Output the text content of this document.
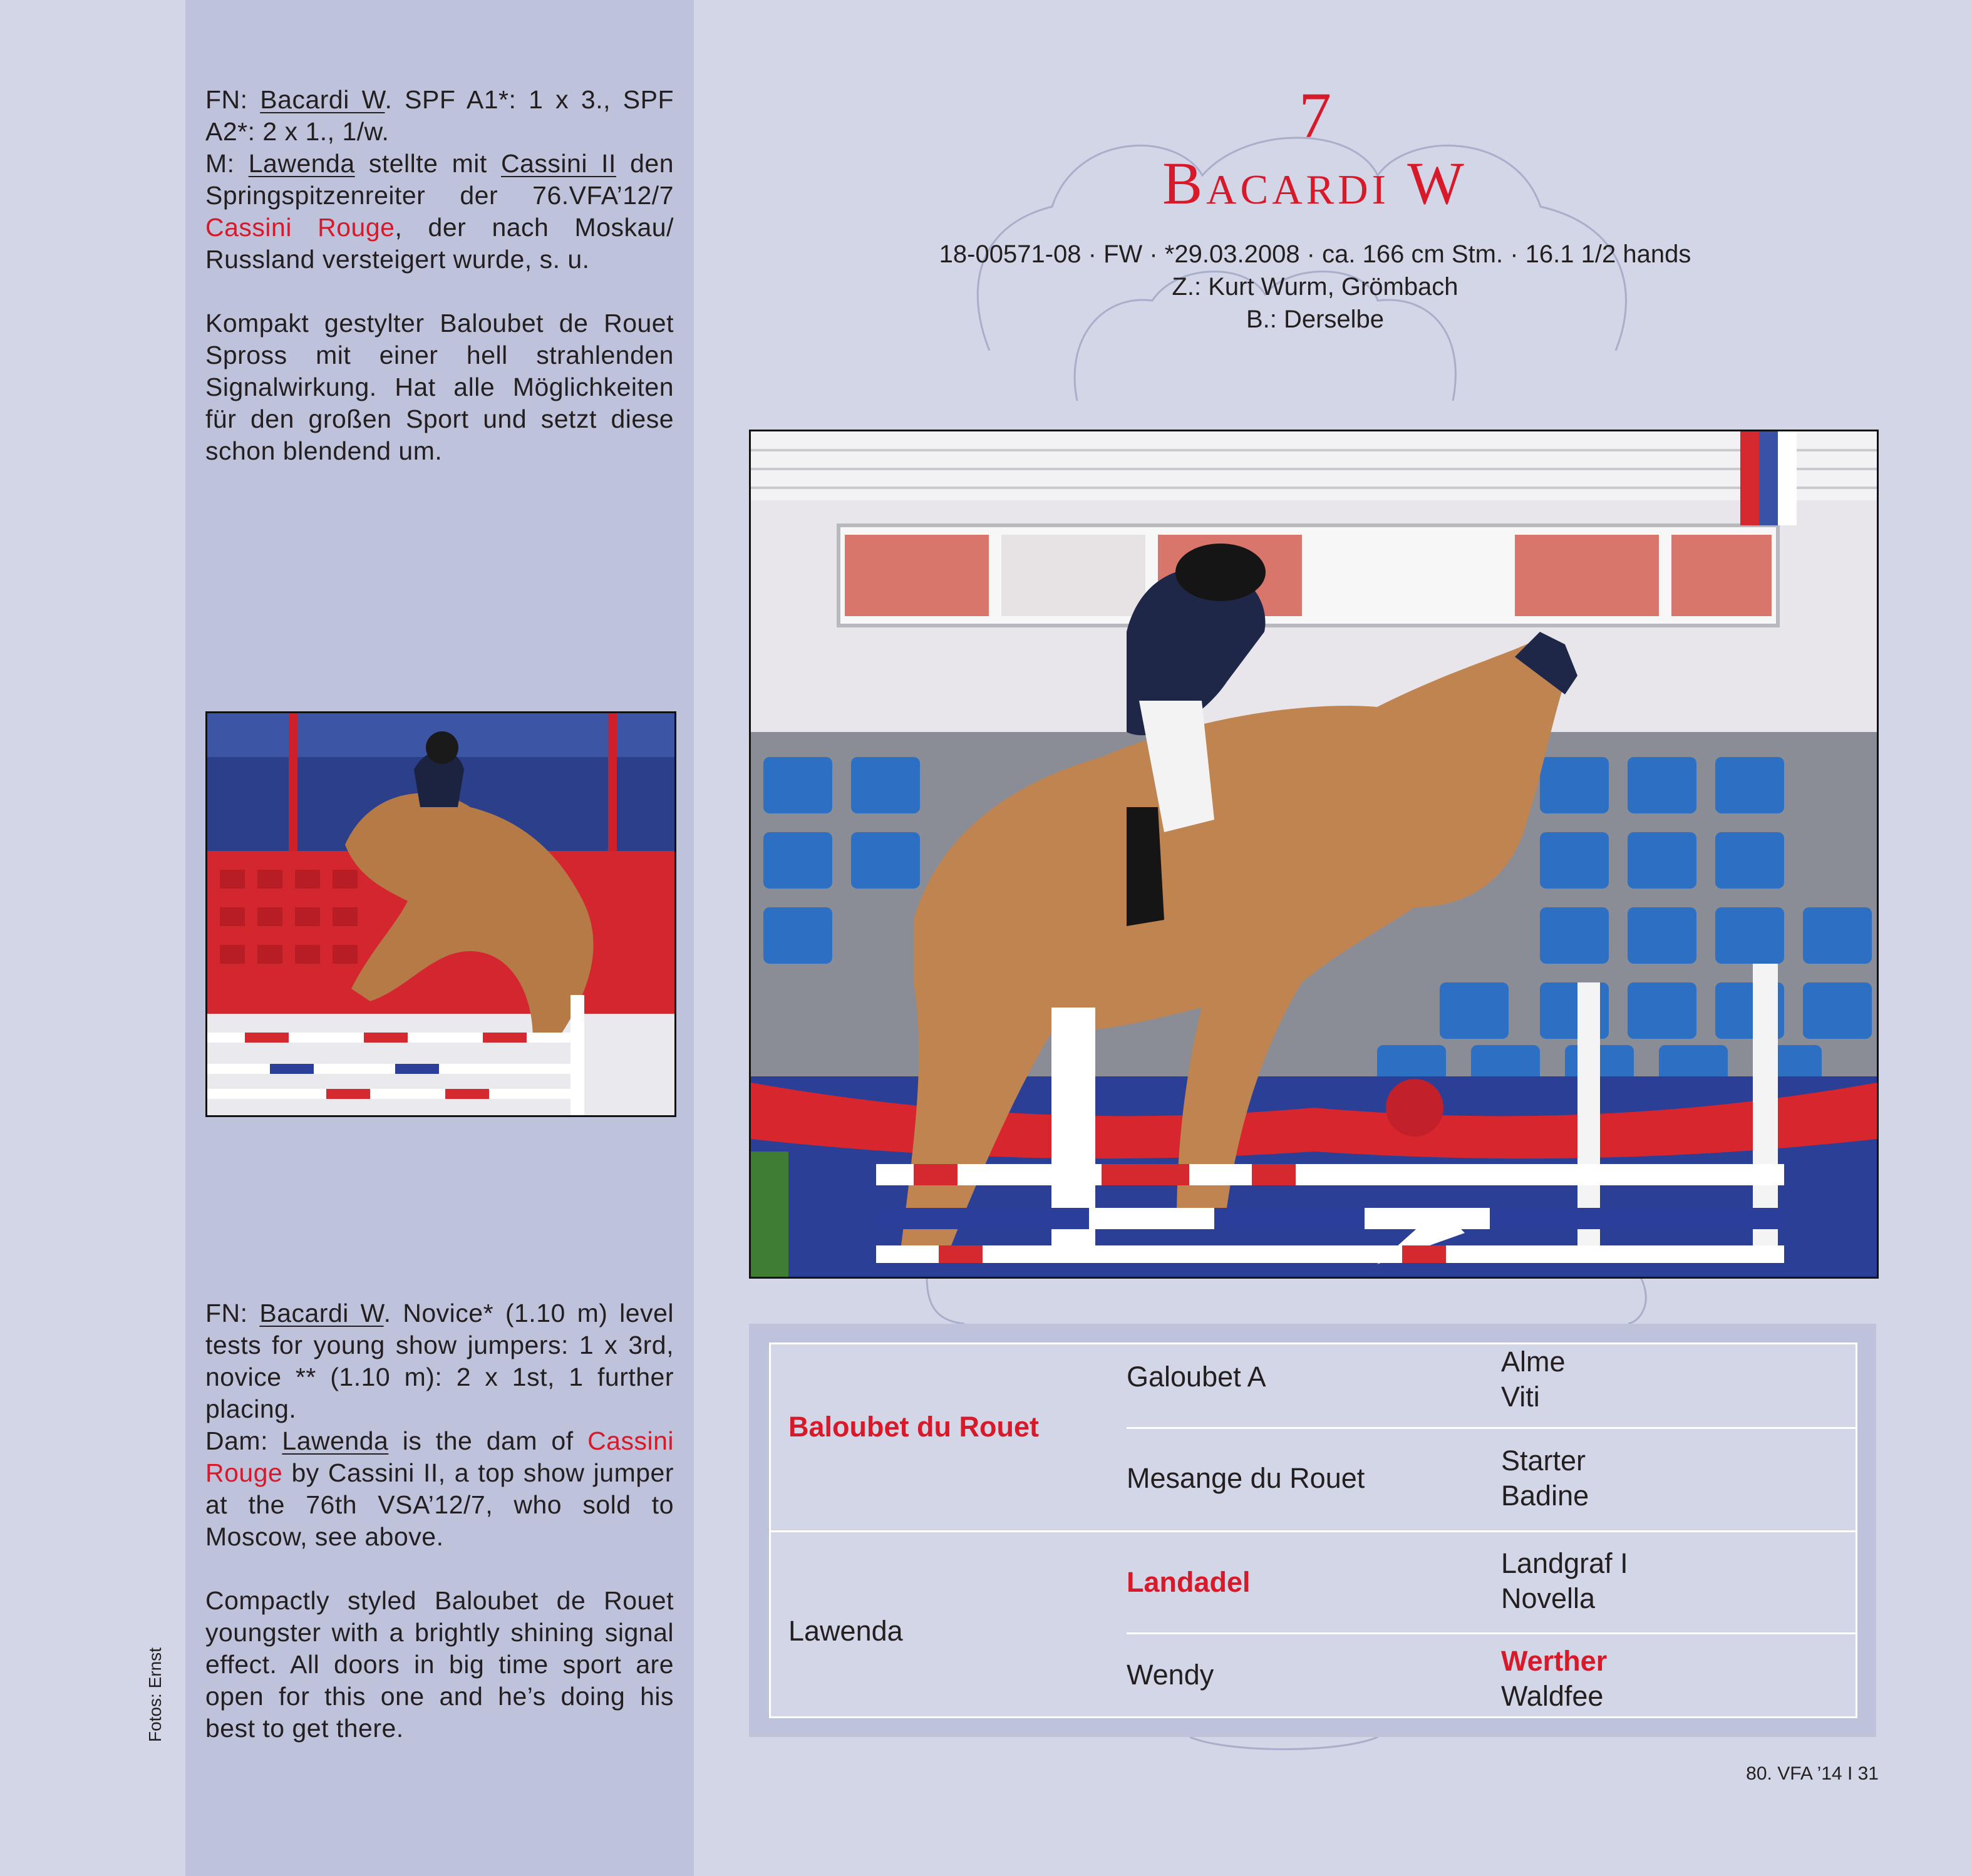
FN: Bacardi W. SPF A1*: 1 x 3., SPF A2*: 2 x 1., 1/w.
M: Lawenda stellte mit Cassini II den Springspitzenreiter der 76.VFA’12/7 Cassini Rouge, der nach Moskau/ Russland versteigert wurde, s. u.

Kompakt gestylter Baloubet de Rouet Spross mit einer hell strahlenden Signalwirkung. Hat alle Möglichkeiten für den großen Sport und setzt diese schon blendend um.

FN: Bacardi W. Novice* (1.10 m) level tests for young show jumpers: 1 x 3rd, novice ** (1.10 m): 2 x 1st, 1 further placing.
Dam: Lawenda is the dam of Cassini Rouge by Cassini II, a top show jumper at the 76th VSA’12/7, who sold to Moscow, see above.

Compactly styled Baloubet de Rouet youngster with a brightly shining signal effect. All doors in big time sport are open for this one and he’s doing his best to get there.

Fotos: Ernst
7
Bacardi W
18-00571-08 · FW · *29.03.2008 · ca. 166 cm Stm. · 16.1 1/2 hands
Z.: Kurt Wurm, Grömbach
B.: Derselbe
Baloubet du Rouet
Lawenda
Galoubet A
Mesange du Rouet
Landadel
Wendy
Alme
Viti
Starter
Badine
Landgraf I
Novella
Werther
Waldfee
80. VFA ’14 I 31
